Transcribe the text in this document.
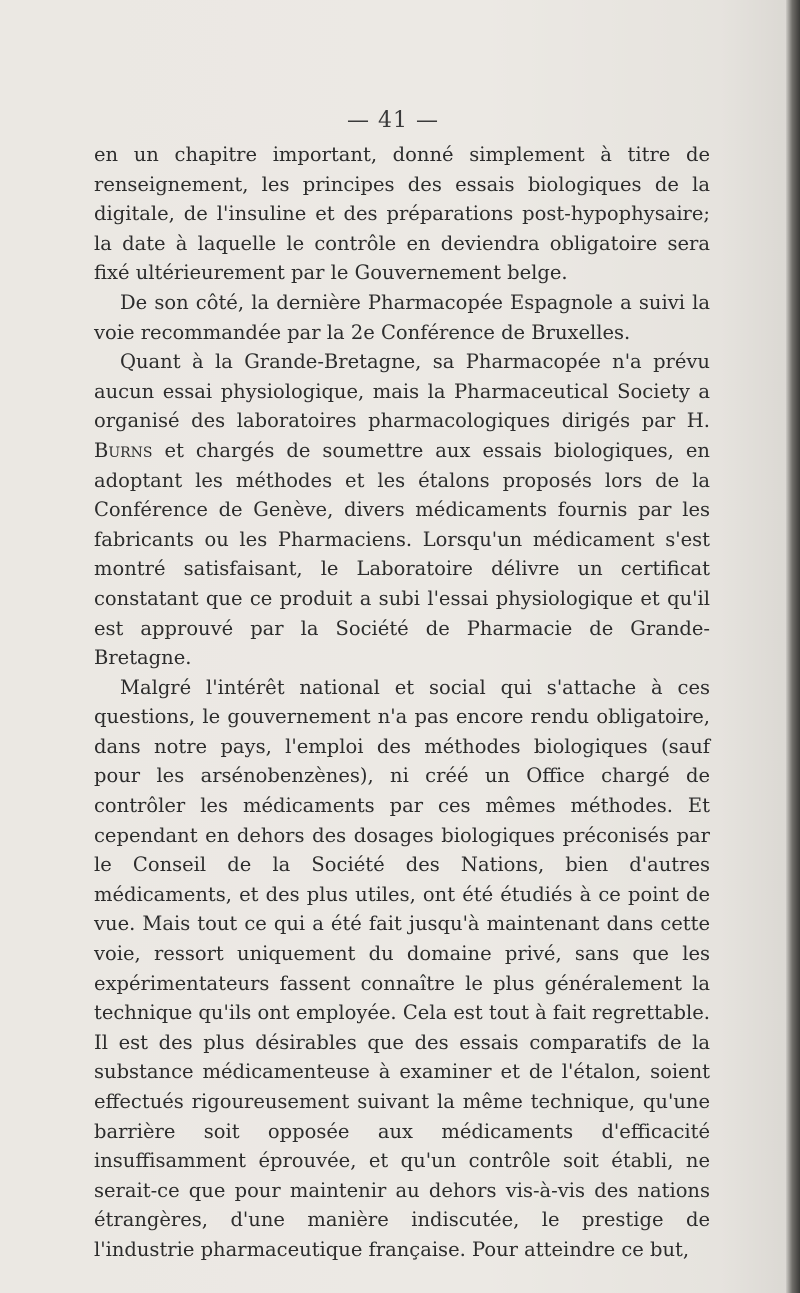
— 41 —

en un chapitre important, donné simplement à titre de renseignement, les principes des essais biologiques de la digitale, de l'insuline et des préparations post-hypophysaire; la date à laquelle le contrôle en deviendra obligatoire sera fixé ultérieurement par le Gouvernement belge.

De son côté, la dernière Pharmacopée Espagnole a suivi la voie recommandée par la 2e Conférence de Bruxelles.

Quant à la Grande-Bretagne, sa Pharmacopée n'a prévu aucun essai physiologique, mais la Pharmaceutical Society a organisé des laboratoires pharmacologiques dirigés par H. Burns et chargés de soumettre aux essais biologiques, en adoptant les méthodes et les étalons proposés lors de la Conférence de Genève, divers médicaments fournis par les fabricants ou les Pharmaciens. Lorsqu'un médicament s'est montré satisfaisant, le Laboratoire délivre un certificat constatant que ce produit a subi l'essai physiologique et qu'il est approuvé par la Société de Pharmacie de Grande-Bretagne.

Malgré l'intérêt national et social qui s'attache à ces questions, le gouvernement n'a pas encore rendu obligatoire, dans notre pays, l'emploi des méthodes biologiques (sauf pour les arsénobenzènes), ni créé un Office chargé de contrôler les médicaments par ces mêmes méthodes. Et cependant en dehors des dosages biologiques préconisés par le Conseil de la Société des Nations, bien d'autres médicaments, et des plus utiles, ont été étudiés à ce point de vue. Mais tout ce qui a été fait jusqu'à maintenant dans cette voie, ressort uniquement du domaine privé, sans que les expérimentateurs fassent connaître le plus généralement la technique qu'ils ont employée. Cela est tout à fait regrettable. Il est des plus désirables que des essais comparatifs de la substance médicamenteuse à examiner et de l'étalon, soient effectués rigoureusement suivant la même technique, qu'une barrière soit opposée aux médicaments d'efficacité insuffisamment éprouvée, et qu'un contrôle soit établi, ne serait-ce que pour maintenir au dehors vis-à-vis des nations étrangères, d'une manière indiscutée, le prestige de l'industrie pharmaceutique française. Pour atteindre ce but,
